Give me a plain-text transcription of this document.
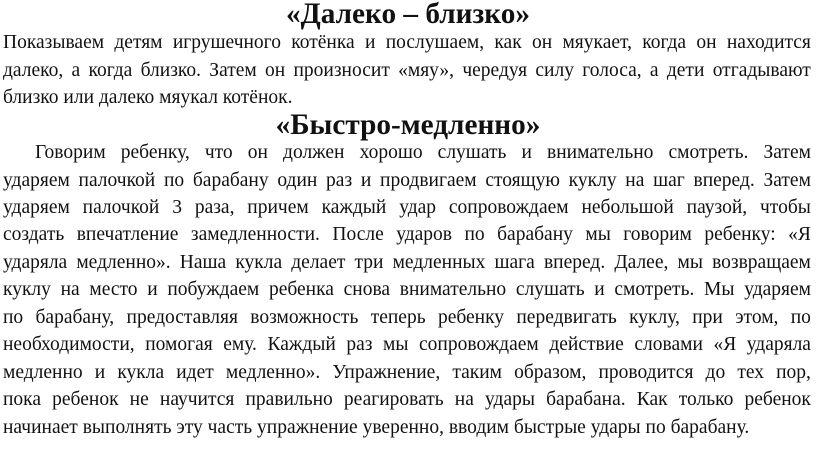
«Далеко – близко»

Показываем детям игрушечного котёнка и послушаем, как он мяукает, когда он находится

далеко, а когда близко. Затем он произносит «мяу», чередуя силу голоса, а дети отгадывают

близко или далеко мяукал котёнок.

«Быстро-медленно»

Говорим ребенку, что он должен хорошо слушать и внимательно смотреть. Затем

ударяем палочкой по барабану один раз и продвигаем стоящую куклу на шаг вперед. Затем

ударяем палочкой 3 раза, причем каждый удар сопровождаем небольшой паузой, чтобы

создать впечатление замедленности. После ударов по барабану мы говорим ребенку: «Я

ударяла медленно». Наша кукла делает три медленных шага вперед. Далее, мы возвращаем

куклу на место и побуждаем ребенка снова внимательно слушать и смотреть. Мы ударяем

по барабану, предоставляя возможность теперь ребенку передвигать куклу, при этом, по

необходимости, помогая ему. Каждый раз мы сопровождаем действие словами «Я ударяла

медленно и кукла идет медленно». Упражнение, таким образом, проводится до тех пор,

пока ребенок не научится правильно реагировать на удары барабана. Как только ребенок

начинает выполнять эту часть упражнение уверенно, вводим быстрые удары по барабану.
